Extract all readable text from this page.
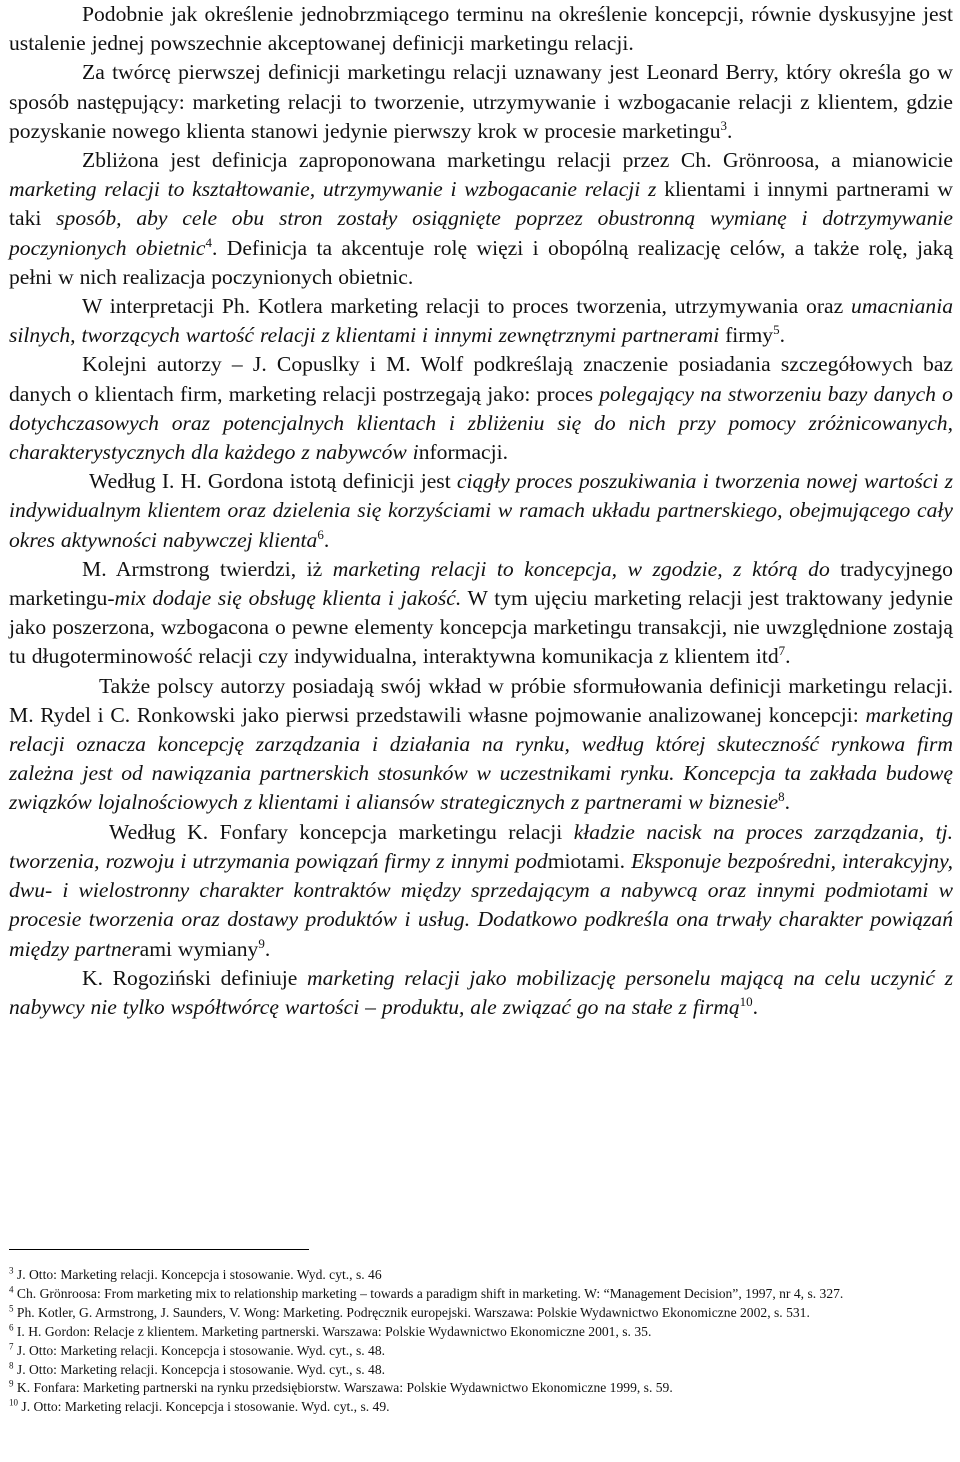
Podobnie jak określenie jednobrzmiącego terminu na określenie koncepcji, równie dyskusyjne jest ustalenie jednej powszechnie akceptowanej definicji marketingu relacji.

Za twórcę pierwszej definicji marketingu relacji uznawany jest Leonard Berry, który określa go w sposób następujący: marketing relacji to tworzenie, utrzymywanie i wzbogacanie relacji z klientem, gdzie pozyskanie nowego klienta stanowi jedynie pierwszy krok w procesie marketingu$^3$.

Zbliżona jest definicja zaproponowana marketingu relacji przez Ch. Grönroosa, a mianowicie marketing relacji to kształtowanie, utrzymywanie i wzbogacanie relacji z klientami i innymi partnerami w taki sposób, aby cele obu stron zostały osiągnięte poprzez obustronną wymianę i dotrzymywanie poczynionych obietnic$^4$. Definicja ta akcentuje rolę więzi i obopólną realizację celów, a także rolę, jaką pełni w nich realizacja poczynionych obietnic.

W interpretacji Ph. Kotlera marketing relacji to proces tworzenia, utrzymywania oraz umacniania silnych, tworzących wartość relacji z klientami i innymi zewnętrznymi partnerami firmy$^5$.

Kolejni autorzy – J. Copuslky i M. Wolf podkreślają znaczenie posiadania szczegółowych baz danych o klientach firm, marketing relacji postrzegają jako: proces polegający na stworzeniu bazy danych o dotychczasowych oraz potencjalnych klientach i zbliżeniu się do nich przy pomocy zróżnicowanych, charakterystycznych dla każdego z nabywców informacji.

Według I. H. Gordona istotą definicji jest ciągły proces poszukiwania i tworzenia nowej wartości z indywidualnym klientem oraz dzielenia się korzyściami w ramach układu partnerskiego, obejmującego cały okres aktywności nabywczej klienta$^6$.

M. Armstrong twierdzi, iż marketing relacji to koncepcja, w zgodzie, z którą do tradycyjnego marketingu-mix dodaje się obsługę klienta i jakość. W tym ujęciu marketing relacji jest traktowany jedynie jako poszerzona, wzbogacona o pewne elementy koncepcja marketingu transakcji, nie uwzględnione zostają tu długoterminowość relacji czy indywidualna, interaktywna komunikacja z klientem itd$^7$.

Także polscy autorzy posiadają swój wkład w próbie sformułowania definicji marketingu relacji. M. Rydel i C. Ronkowski jako pierwsi przedstawili własne pojmowanie analizowanej koncepcji: marketing relacji oznacza koncepcję zarządzania i działania na rynku, według której skuteczność rynkowa firm zależna jest od nawiązania partnerskich stosunków w uczestnikami rynku. Koncepcja ta zakłada budowę związków lojalnościowych z klientami i aliansów strategicznych z partnerami w biznesie$^8$.

Według K. Fonfary koncepcja marketingu relacji kładzie nacisk na proces zarządzania, tj. tworzenia, rozwoju i utrzymania powiązań firmy z innymi podmiotami. Eksponuje bezpośredni, interakcyjny, dwu- i wielostronny charakter kontraktów między sprzedającym a nabywcą oraz innymi podmiotami w procesie tworzenia oraz dostawy produktów i usług. Dodatkowo podkreśla ona trwały charakter powiązań między partnerami wymiany$^9$.

K. Rogoziński definiuje marketing relacji jako mobilizację personelu mającą na celu uczynić z nabywcy nie tylko współtwórcę wartości – produktu, ale związać go na stałe z firmą$^{10}$.

$^3$ J. Otto: Marketing relacji. Koncepcja i stosowanie. Wyd. cyt., s. 46

$^4$ Ch. Grönroosa: From marketing mix to relationship marketing – towards a paradigm shift in marketing. W: “Management Decision”, 1997, nr 4, s. 327.

$^5$ Ph. Kotler, G. Armstrong, J. Saunders, V. Wong: Marketing. Podręcznik europejski. Warszawa: Polskie Wydawnictwo Ekonomiczne 2002, s. 531.

$^6$ I. H. Gordon: Relacje z klientem. Marketing partnerski. Warszawa: Polskie Wydawnictwo Ekonomiczne 2001, s. 35.

$^7$ J. Otto: Marketing relacji. Koncepcja i stosowanie. Wyd. cyt., s. 48.

$^8$ J. Otto: Marketing relacji. Koncepcja i stosowanie. Wyd. cyt., s. 48.

$^9$ K. Fonfara: Marketing partnerski na rynku przedsiębiorstw. Warszawa: Polskie Wydawnictwo Ekonomiczne 1999, s. 59.

$^{10}$ J. Otto: Marketing relacji. Koncepcja i stosowanie. Wyd. cyt., s. 49.
